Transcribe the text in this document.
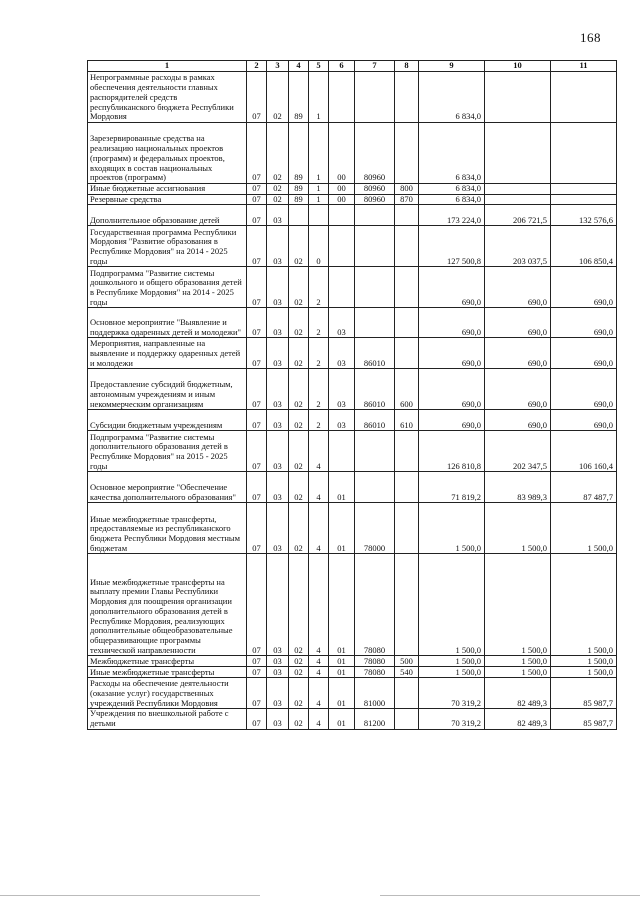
168
1	2	3	4	5	6	7	8	9	10	11
Непрограммные расходы в рамках обеспечения деятельности главных распорядителей средств республиканского бюджета Республики Мордовия	07	02	89	1				6 834,0		
Зарезервированные средства на реализацию национальных проектов (программ) и федеральных проектов, входящих в состав национальных проектов (программ)	07	02	89	1	00	80960		6 834,0		
Иные бюджетные ассигнования	07	02	89	1	00	80960	800	6 834,0		
Резервные средства	07	02	89	1	00	80960	870	6 834,0		
Дополнительное образование детей	07	03						173 224,0	206 721,5	132 576,6
Государственная программа Республики Мордовия "Развитие образования в Республике Мордовия" на 2014 - 2025 годы	07	03	02	0				127 500,8	203 037,5	106 850,4
Подпрограмма "Развитие системы дошкольного и общего образования детей в Республике Мордовия" на 2014 - 2025 годы	07	03	02	2				690,0	690,0	690,0
Основное мероприятие "Выявление и поддержка одаренных детей и молодежи"	07	03	02	2	03			690,0	690,0	690,0
Мероприятия, направленные на выявление и поддержку одаренных детей и молодежи	07	03	02	2	03	86010		690,0	690,0	690,0
Предоставление субсидий бюджетным, автономным учреждениям и иным некоммерческим организациям	07	03	02	2	03	86010	600	690,0	690,0	690,0
Субсидии бюджетным учреждениям	07	03	02	2	03	86010	610	690,0	690,0	690,0
Подпрограмма "Развитие системы дополнительного образования детей в Республике Мордовия" на 2015 - 2025 годы	07	03	02	4				126 810,8	202 347,5	106 160,4
Основное мероприятие "Обеспечение качества дополнительного образования"	07	03	02	4	01			71 819,2	83 989,3	87 487,7
Иные межбюджетные трансферты, предоставляемые из республиканского бюджета Республики Мордовия местным бюджетам	07	03	02	4	01	78000		1 500,0	1 500,0	1 500,0
Иные межбюджетные трансферты на выплату премии Главы Республики Мордовия для поощрения организации дополнительного образования детей в Республике Мордовия, реализующих дополнительные общеобразовательные общеразвивающие программы технической направленности	07	03	02	4	01	78080		1 500,0	1 500,0	1 500,0
Межбюджетные трансферты	07	03	02	4	01	78080	500	1 500,0	1 500,0	1 500,0
Иные межбюджетные трансферты	07	03	02	4	01	78080	540	1 500,0	1 500,0	1 500,0
Расходы на обеспечение деятельности (оказание услуг) государственных учреждений Республики Мордовия	07	03	02	4	01	81000		70 319,2	82 489,3	85 987,7
Учреждения по внешкольной работе с детьми	07	03	02	4	01	81200		70 319,2	82 489,3	85 987,7
